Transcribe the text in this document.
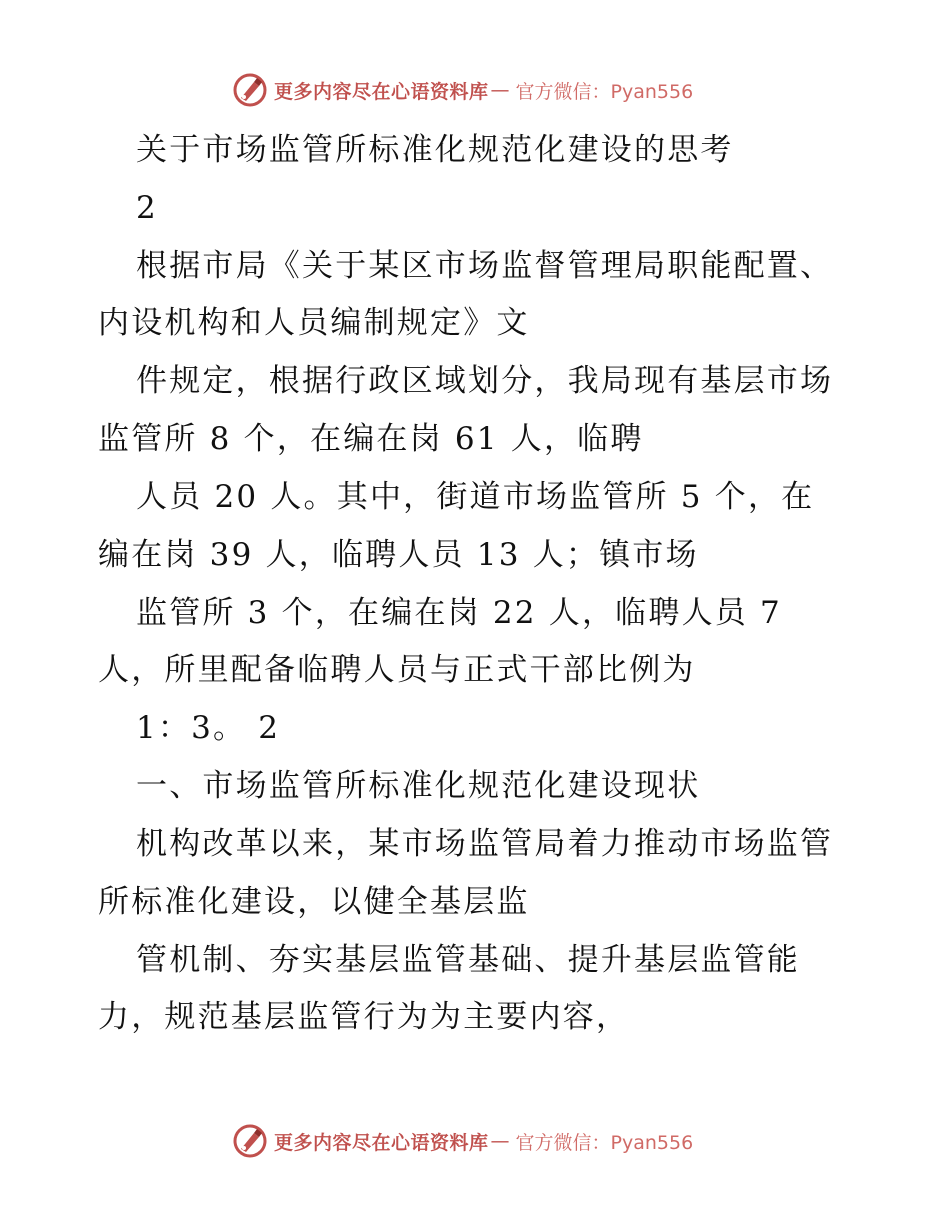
更多内容尽在心语资料库 — 官方微信：Pyan556
关于市场监管所标准化规范化建设的思考
2
根据市局《关于某区市场监督管理局职能配置、
内设机构和人员编制规定》文
件规定，根据行政区域划分，我局现有基层市场
监管所 8 个，在编在岗 61 人，临聘
人员 20 人。其中，街道市场监管所 5 个，在
编在岗 39 人，临聘人员 13 人；镇市场
监管所 3 个，在编在岗 22 人，临聘人员 7
人，所里配备临聘人员与正式干部比例为
1：3。 2
一、市场监管所标准化规范化建设现状
机构改革以来，某市场监管局着力推动市场监管
所标准化建设，以健全基层监
管机制、夯实基层监管基础、提升基层监管能
力，规范基层监管行为为主要内容，
更多内容尽在心语资料库 — 官方微信：Pyan556
